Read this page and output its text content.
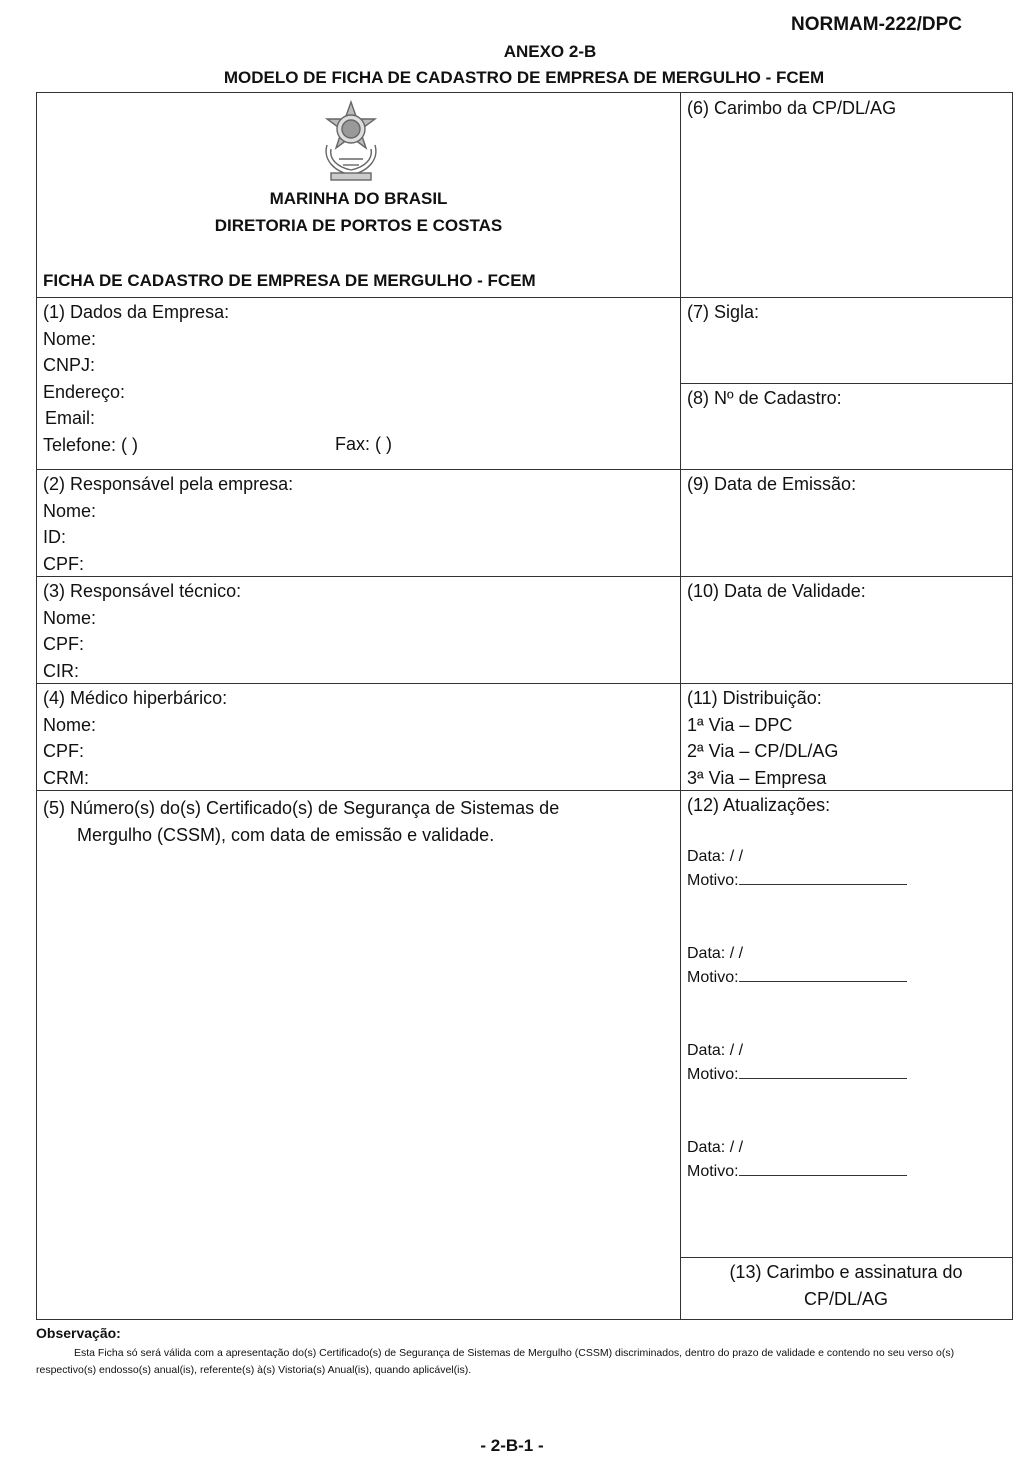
NORMAM-222/DPC
ANEXO 2-B
MODELO DE FICHA DE CADASTRO DE EMPRESA DE MERGULHO - FCEM
MARINHA DO BRASIL
DIRETORIA DE PORTOS E COSTAS
FICHA DE CADASTRO DE EMPRESA DE MERGULHO - FCEM
(6) Carimbo da CP/DL/AG
(1) Dados da Empresa:
Nome:
CNPJ:
Endereço:
Email:
Telefone: ( )	Fax: ( )
(7) Sigla:
(8) Nº de Cadastro:
(2) Responsável pela empresa:
Nome:
ID:
CPF:
(9) Data de Emissão:
(3) Responsável técnico:
Nome:
CPF:
CIR:
(10) Data de Validade:
(4) Médico hiperbárico:
Nome:
CPF:
CRM:
(11) Distribuição:
1ª Via – DPC
2ª Via – CP/DL/AG
3ª Via – Empresa
(5) Número(s) do(s) Certificado(s) de Segurança de Sistemas de
Mergulho (CSSM), com data de emissão e validade.
(12) Atualizações:
Data: / /
Motivo:
Data: / /
Motivo:
Data: / /
Motivo:
Data: / /
Motivo:
(13) Carimbo e assinatura do
CP/DL/AG
Observação:
Esta Ficha só será válida com a apresentação do(s) Certificado(s) de Segurança de Sistemas de Mergulho (CSSM) discriminados, dentro do prazo de validade e contendo no seu verso o(s) respectivo(s) endosso(s) anual(is), referente(s) à(s) Vistoria(s) Anual(is), quando aplicável(is).
- 2-B-1 -
